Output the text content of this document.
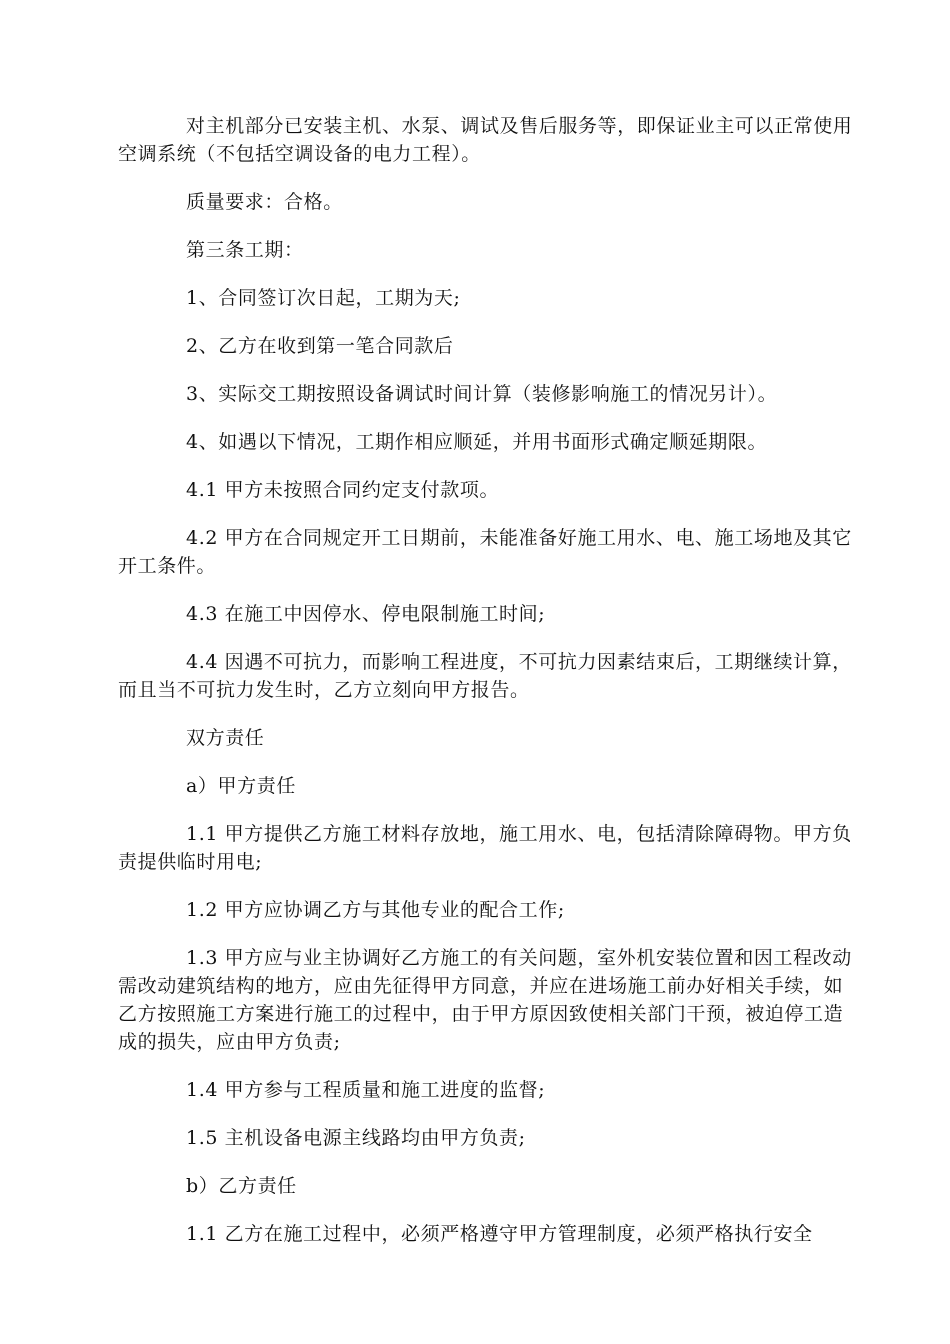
对主机部分已安装主机、水泵、调试及售后服务等，即保证业主可以正常使用空调系统（不包括空调设备的电力工程）。

质量要求：合格。

第三条工期：

1、合同签订次日起，工期为天;

2、乙方在收到第一笔合同款后

3、实际交工期按照设备调试时间计算（装修影响施工的情况另计）。

4、如遇以下情况，工期作相应顺延，并用书面形式确定顺延期限。

4.1 甲方未按照合同约定支付款项。

4.2 甲方在合同规定开工日期前，未能准备好施工用水、电、施工场地及其它开工条件。

4.3 在施工中因停水、停电限制施工时间;

4.4 因遇不可抗力，而影响工程进度，不可抗力因素结束后，工期继续计算，而且当不可抗力发生时，乙方立刻向甲方报告。

双方责任

a）甲方责任

1.1 甲方提供乙方施工材料存放地，施工用水、电，包括清除障碍物。甲方负责提供临时用电;

1.2 甲方应协调乙方与其他专业的配合工作;

1.3 甲方应与业主协调好乙方施工的有关问题，室外机安装位置和因工程改动需改动建筑结构的地方，应由先征得甲方同意，并应在进场施工前办好相关手续，如乙方按照施工方案进行施工的过程中，由于甲方原因致使相关部门干预，被迫停工造成的损失，应由甲方负责;

1.4 甲方参与工程质量和施工进度的监督;

1.5 主机设备电源主线路均由甲方负责;

b）乙方责任

1.1 乙方在施工过程中，必须严格遵守甲方管理制度，必须严格执行安全
